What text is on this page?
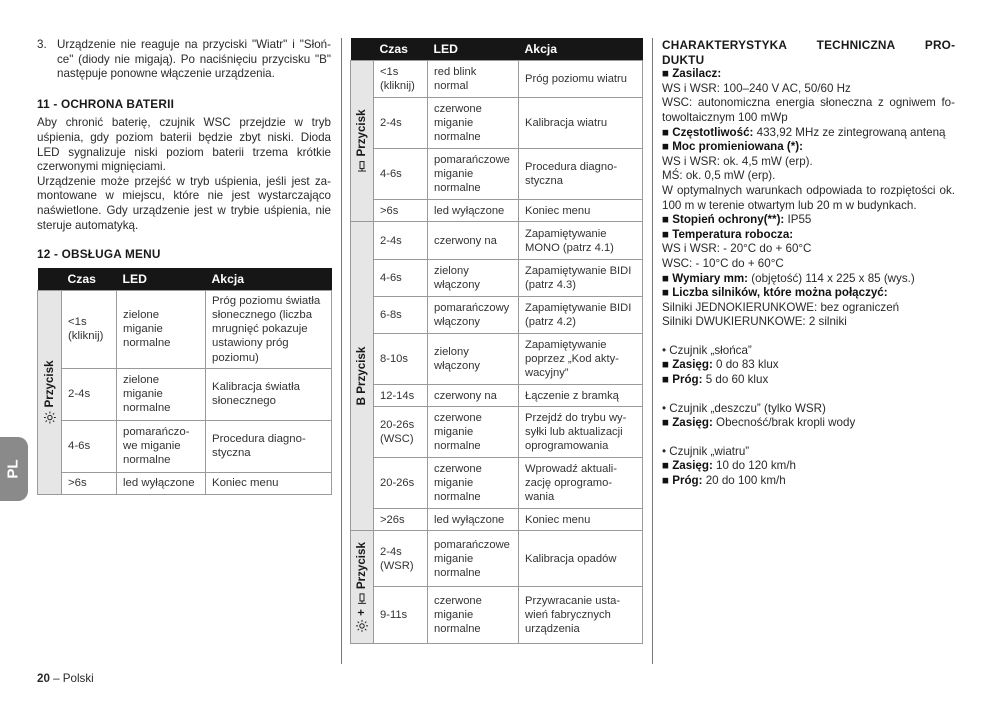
PL
3. Urządzenie nie reaguje na przyciski "Wiatr" i "Słońce" (diody nie migają). Po naciśnięciu przycisku "B" następuje ponowne włączenie urządzenia.
11 - OCHRONA BATERII

Aby chronić baterię, czujnik WSC przejdzie w tryb uśpienia, gdy poziom baterii będzie zbyt niski. Dioda LED sygnalizuje niski poziom baterii trzema krótkie czerwonymi mignięciami.

Urządzenie może przejść w tryb uśpienia, jeśli jest zamontowane w miejscu, które nie jest wystarczająco naświetlone. Gdy urządzenie jest w trybie uśpienia, nie steruje automatyką.

12 - OBSŁUGA MENU
	Czas	LED	Akcja

Przycisk	<1s (kliknij)	zielone miganie normalne	Próg poziomu światła słonecznego (liczba mrugnięć pokazuje ustawiony próg poziomu)
	2-4s	zielone miganie normalne	Kalibracja światła słonecznego
	4-6s	pomarańczowe miganie normalne	Procedura diagnostyczna
	>6s	led wyłączone	Koniec menu
20 – Polski
	Czas	LED	Akcja

Przycisk	<1s (kliknij)	red blink normal	Próg poziomu wiatru
	2-4s	czerwone miganie normalne	Kalibracja wiatru
	4-6s	pomarańczowe miganie normalne	Procedura diagnostyczna
	>6s	led wyłączone	Koniec menu

B Przycisk	2-4s	czerwony na	Zapamiętywanie MONO (patrz 4.1)
	4-6s	zielony włączony	Zapamiętywanie BIDI (patrz 4.3)
	6-8s	pomarańczowy włączony	Zapamiętywanie BIDI (patrz 4.2)
	8-10s	zielony włączony	Zapamiętywanie poprzez „Kod aktywacyjny”
	12-14s	czerwony na	Łączenie z bramką
	20-26s (WSC)	czerwone miganie normalne	Przejdź do trybu wysyłki lub aktualizacji oprogramowania
	20-26s	czerwone miganie normalne	Wprowadź aktualizację oprogramowania
	>26s	led wyłączone	Koniec menu

+
Przycisk	2-4s (WSR)	pomarańczowe miganie normalne	Kalibracja opadów
	9-11s	czerwone miganie normalne	Przywracanie ustawień fabrycznych urządzenia
CHARAKTERYSTYKA TECHNICZNA PRODUKTU

■ Zasilacz:

WS i WSR: 100–240 V AC, 50/60 Hz

WSC: autonomiczna energia słoneczna z ogniwem fotowoltaicznym 100 mWp

■ Częstotliwość: 433,92 MHz ze zintegrowaną anteną

■ Moc promieniowana (*):

WS i WSR: ok. 4,5 mW (erp).

MŚ: ok. 0,5 mW (erp).

W optymalnych warunkach odpowiada to rozpiętości ok. 100 m w terenie otwartym lub 20 m w budynkach.

■ Stopień ochrony(**): IP55

■ Temperatura robocza:

WS i WSR: - 20°C do + 60°C

WSC: - 10°C do + 60°C

■ Wymiary mm: (objętość) 114 x 225 x 85 (wys.)

■ Liczba silników, które można połączyć:

Silniki JEDNOKIERUNKOWE: bez ograniczeń

Silniki DWUKIERUNKOWE: 2 silniki

• Czujnik „słońca”

■ Zasięg: 0 do 83 klux

■ Próg: 5 do 60 klux

• Czujnik „deszczu” (tylko WSR)

■ Zasięg: Obecność/brak kropli wody

• Czujnik „wiatru”

■ Zasięg: 10 do 120 km/h

■ Próg: 20 do 100 km/h
